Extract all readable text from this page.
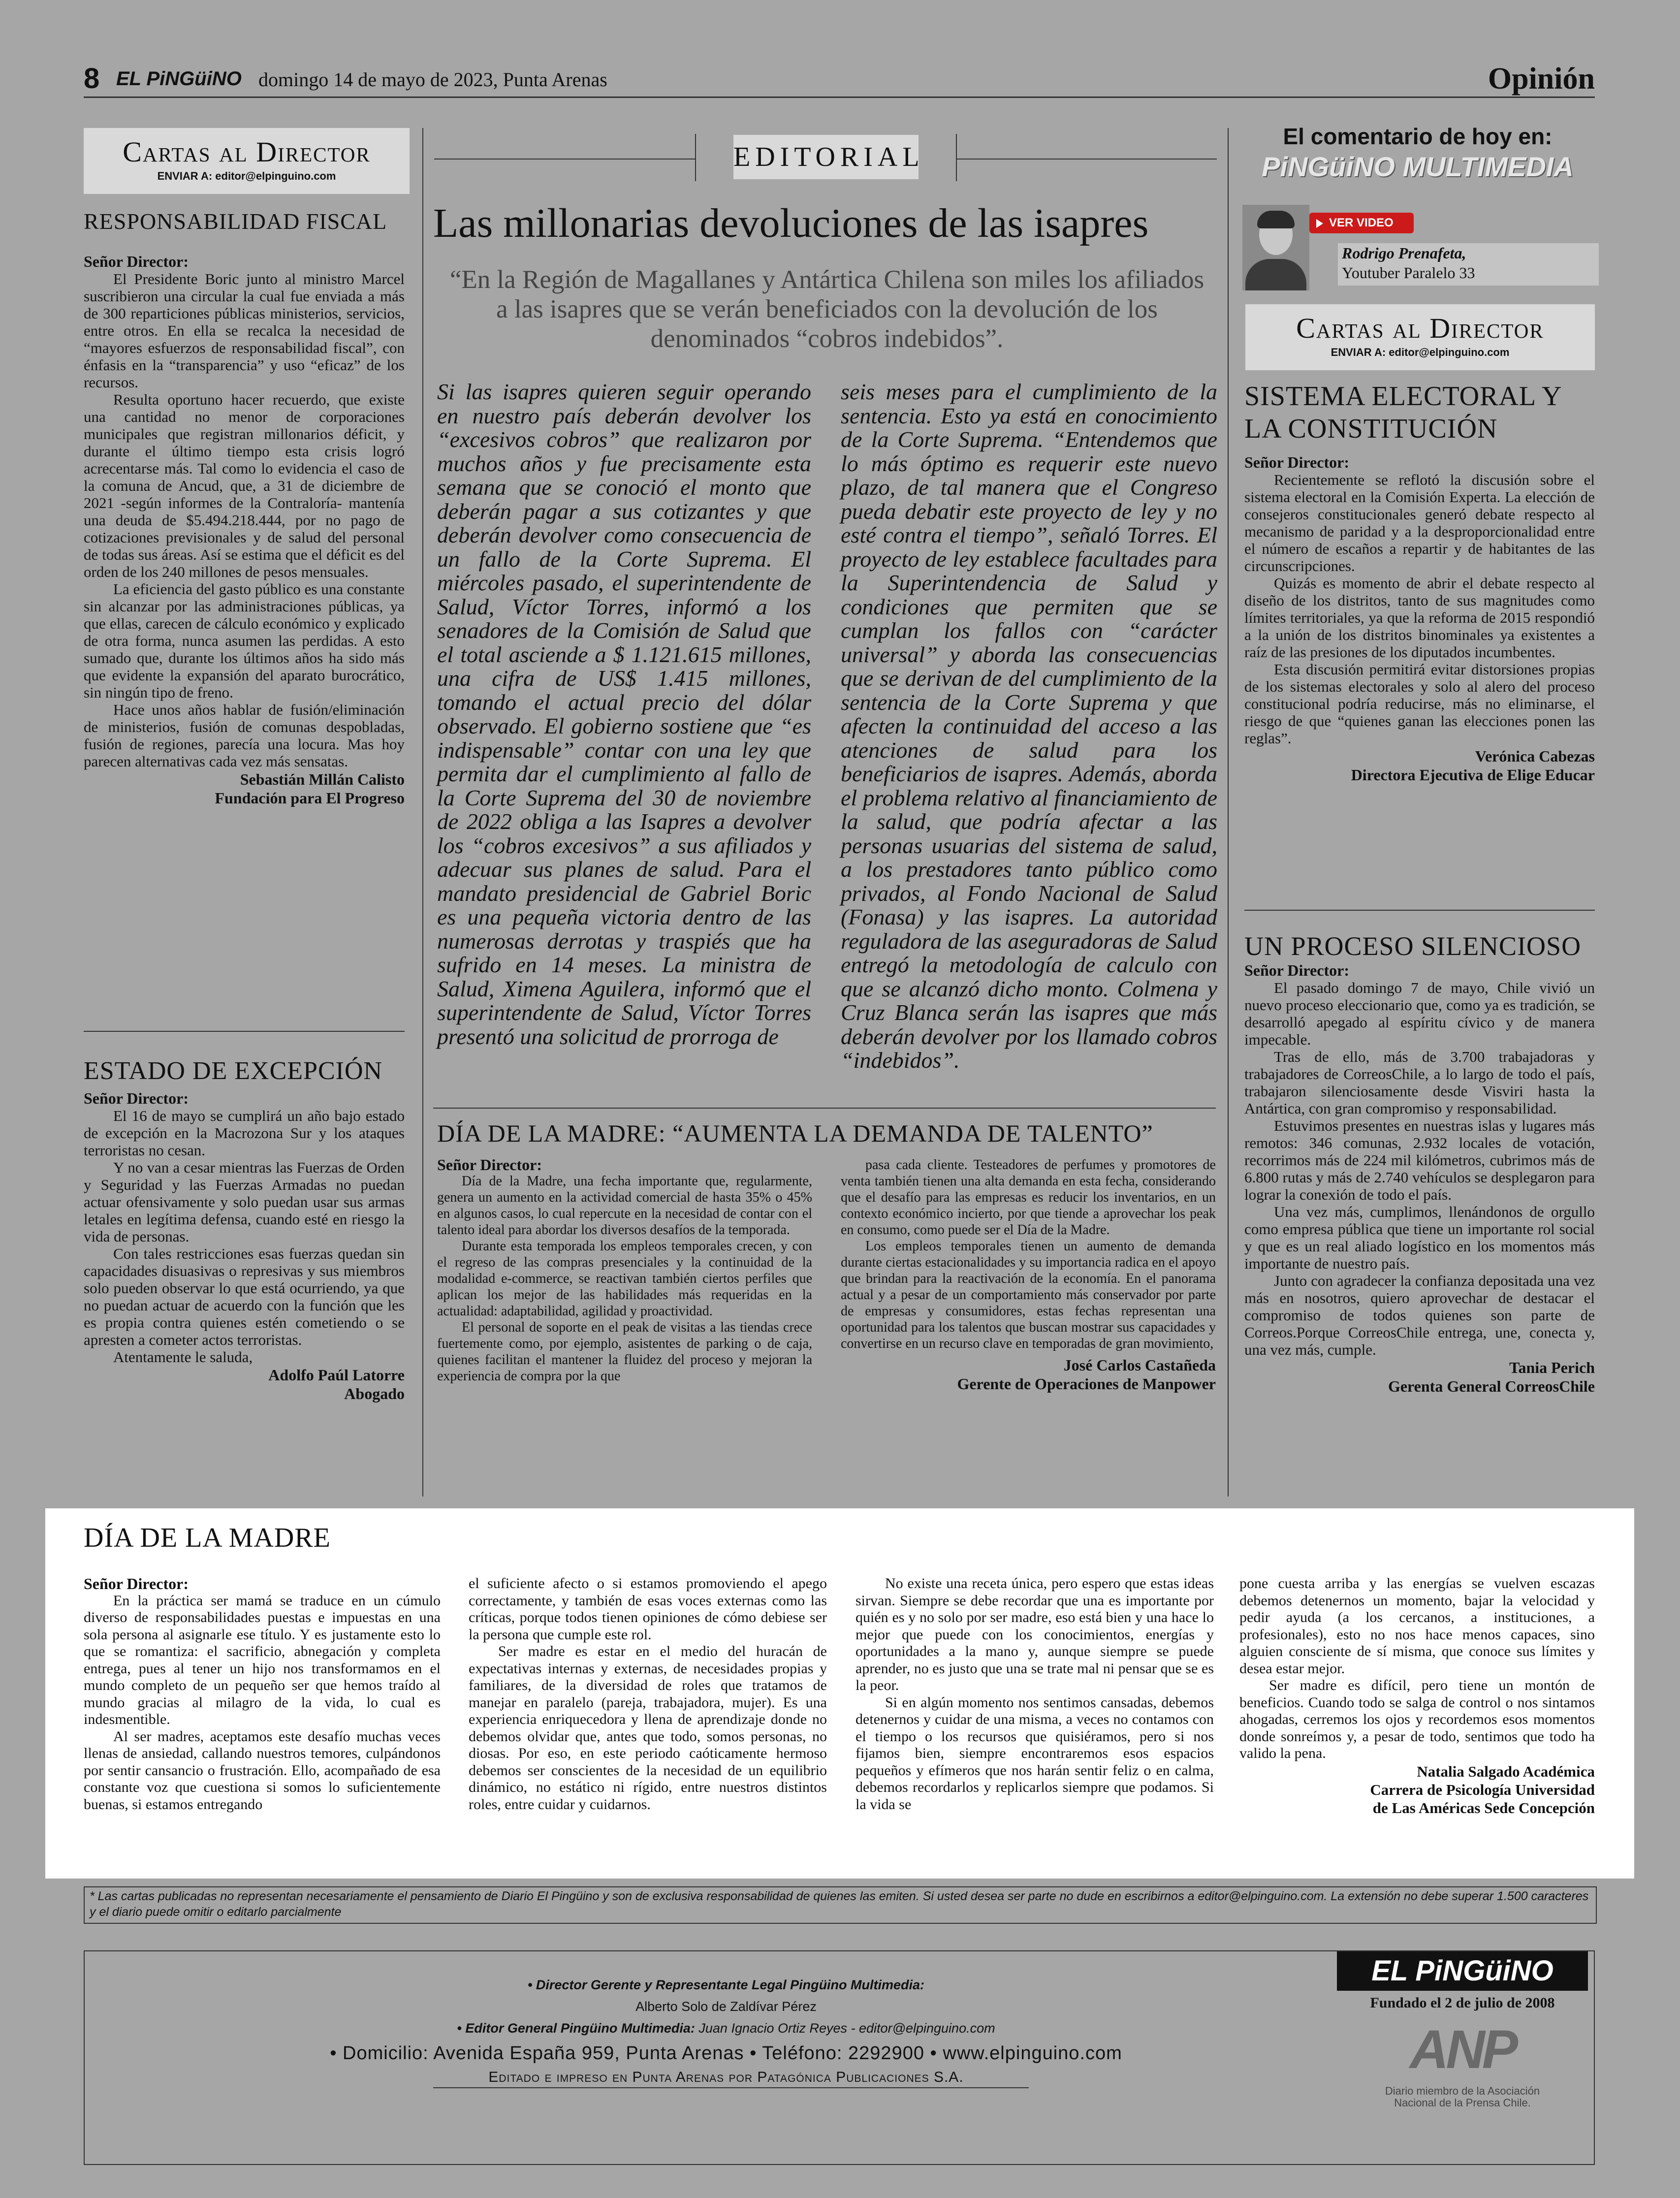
8 EL PiNGüiNO domingo 14 de mayo de 2023, Punta Arenas	Opinión
Cartas al Director
ENVIAR A: editor@elpinguino.com
RESPONSABILIDAD FISCAL

Señor Director:

El Presidente Boric junto al ministro Marcel suscribieron una circular la cual fue enviada a más de 300 reparticiones públicas ministerios, servicios, entre otros. En ella se recalca la necesidad de “mayores esfuerzos de responsabilidad fiscal”, con énfasis en la “transparencia” y uso “eficaz” de los recursos.

Resulta oportuno hacer recuerdo, que existe una cantidad no menor de corporaciones municipales que registran millonarios déficit, y durante el último tiempo esta crisis logró acrecentarse más. Tal como lo evidencia el caso de la comuna de Ancud, que, a 31 de diciembre de 2021 -según informes de la Contraloría- mantenía una deuda de $5.494.218.444, por no pago de cotizaciones previsionales y de salud del personal de todas sus áreas. Así se estima que el déficit es del orden de los 240 millones de pesos mensuales.

La eficiencia del gasto público es una constante sin alcanzar por las administraciones públicas, ya que ellas, carecen de cálculo económico y explicado de otra forma, nunca asumen las perdidas. A esto sumado que, durante los últimos años ha sido más que evidente la expansión del aparato burocrático, sin ningún tipo de freno.

Hace unos años hablar de fusión/eliminación de ministerios, fusión de comunas despobladas, fusión de regiones, parecía una locura. Mas hoy parecen alternativas cada vez más sensatas.

Sebastián Millán Calisto
Fundación para El Progreso
ESTADO DE EXCEPCIÓN

Señor Director:

El 16 de mayo se cumplirá un año bajo estado de excepción en la Macrozona Sur y los ataques terroristas no cesan.

Y no van a cesar mientras las Fuerzas de Orden y Seguridad y las Fuerzas Armadas no puedan actuar ofensivamente y solo puedan usar sus armas letales en legítima defensa, cuando esté en riesgo la vida de personas.

Con tales restricciones esas fuerzas quedan sin capacidades disuasivas o represivas y sus miembros solo pueden observar lo que está ocurriendo, ya que no puedan actuar de acuerdo con la función que les es propia contra quienes estén cometiendo o se apresten a cometer actos terroristas.

Atentamente le saluda,

Adolfo Paúl Latorre
Abogado
EDITORIAL
Las millonarias devoluciones de las isapres
“En la Región de Magallanes y Antártica Chilena son miles los afiliados a las isapres que se verán beneficiados con la devolución de los denominados “cobros indebidos”.
Si las isapres quieren seguir operando en nuestro país deberán devolver los “excesivos cobros” que realizaron por muchos años y fue precisamente esta semana que se conoció el monto que deberán pagar a sus cotizantes y que deberán devolver como consecuencia de un fallo de la Corte Suprema. El miércoles pasado, el superintendente de Salud, Víctor Torres, informó a los senadores de la Comisión de Salud que el total asciende a $ 1.121.615 millones, una cifra de US$ 1.415 millones, tomando el actual precio del dólar observado. El gobierno sostiene que “es indispensable” contar con una ley que permita dar el cumplimiento al fallo de la Corte Suprema del 30 de noviembre de 2022 obliga a las Isapres a devolver los “cobros excesivos” a sus afiliados y adecuar sus planes de salud. Para el mandato presidencial de Gabriel Boric es una pequeña victoria dentro de las numerosas derrotas y traspiés que ha sufrido en 14 meses. La ministra de Salud, Ximena Aguilera, informó que el superintendente de Salud, Víctor Torres presentó una solicitud de prorroga de
seis meses para el cumplimiento de la sentencia. Esto ya está en conocimiento de la Corte Suprema. “Entendemos que lo más óptimo es requerir este nuevo plazo, de tal manera que el Congreso pueda debatir este proyecto de ley y no esté contra el tiempo”, señaló Torres. El proyecto de ley establece facultades para la Superintendencia de Salud y condiciones que permiten que se cumplan los fallos con “carácter universal” y aborda las consecuencias que se derivan de del cumplimiento de la sentencia de la Corte Suprema y que afecten la continuidad del acceso a las atenciones de salud para los beneficiarios de isapres. Además, aborda el problema relativo al financiamiento de la salud, que podría afectar a las personas usuarias del sistema de salud, a los prestadores tanto público como privados, al Fondo Nacional de Salud (Fonasa) y las isapres. La autoridad reguladora de las aseguradoras de Salud entregó la metodología de calculo con que se alcanzó dicho monto. Colmena y Cruz Blanca serán las isapres que más deberán devolver por los llamado cobros “indebidos”.
DÍA DE LA MADRE: “AUMENTA LA DEMANDA DE TALENTO”

Señor Director:

Día de la Madre, una fecha importante que, regularmente, genera un aumento en la actividad comercial de hasta 35% o 45% en algunos casos, lo cual repercute en la necesidad de contar con el talento ideal para abordar los diversos desafíos de la temporada.

Durante esta temporada los empleos temporales crecen, y con el regreso de las compras presenciales y la continuidad de la modalidad e-commerce, se reactivan también ciertos perfiles que aplican los mejor de las habilidades más requeridas en la actualidad: adaptabilidad, agilidad y proactividad.

El personal de soporte en el peak de visitas a las tiendas crece fuertemente como, por ejemplo, asistentes de parking o de caja, quienes facilitan el mantener la fluidez del proceso y mejoran la experiencia de compra por la que

pasa cada cliente. Testeadores de perfumes y promotores de venta también tienen una alta demanda en esta fecha, considerando que el desafío para las empresas es reducir los inventarios, en un contexto económico incierto, por que tiende a aprovechar los peak en consumo, como puede ser el Día de la Madre.

Los empleos temporales tienen un aumento de demanda durante ciertas estacionalidades y su importancia radica en el apoyo que brindan para la reactivación de la economía. En el panorama actual y a pesar de un comportamiento más conservador por parte de empresas y consumidores, estas fechas representan una oportunidad para los talentos que buscan mostrar sus capacidades y convertirse en un recurso clave en temporadas de gran movimiento,

José Carlos Castañeda
Gerente de Operaciones de Manpower
El comentario de hoy en:
PiNGüiNO MULTIMEDIA
VER VIDEO
Rodrigo Prenafeta,
Youtuber Paralelo 33
Cartas al Director
ENVIAR A: editor@elpinguino.com
SISTEMA ELECTORAL Y LA CONSTITUCIÓN

Señor Director:

Recientemente se reflotó la discusión sobre el sistema electoral en la Comisión Experta. La elección de consejeros constitucionales generó debate respecto al mecanismo de paridad y a la desproporcionalidad entre el número de escaños a repartir y de habitantes de las circunscripciones.

Quizás es momento de abrir el debate respecto al diseño de los distritos, tanto de sus magnitudes como límites territoriales, ya que la reforma de 2015 respondió a la unión de los distritos binominales ya existentes a raíz de las presiones de los diputados incumbentes.

Esta discusión permitirá evitar distorsiones propias de los sistemas electorales y solo al alero del proceso constitucional podría reducirse, más no eliminarse, el riesgo de que “quienes ganan las elecciones ponen las reglas”.

Verónica Cabezas
Directora Ejecutiva de Elige Educar
UN PROCESO SILENCIOSO

Señor Director:

El pasado domingo 7 de mayo, Chile vivió un nuevo proceso eleccionario que, como ya es tradición, se desarrolló apegado al espíritu cívico y de manera impecable.

Tras de ello, más de 3.700 trabajadoras y trabajadores de CorreosChile, a lo largo de todo el país, trabajaron silenciosamente desde Visviri hasta la Antártica, con gran compromiso y responsabilidad.

Estuvimos presentes en nuestras islas y lugares más remotos: 346 comunas, 2.932 locales de votación, recorrimos más de 224 mil kilómetros, cubrimos más de 6.800 rutas y más de 2.740 vehículos se desplegaron para lograr la conexión de todo el país.

Una vez más, cumplimos, llenándonos de orgullo como empresa pública que tiene un importante rol social y que es un real aliado logístico en los momentos más importante de nuestro país.

Junto con agradecer la confianza depositada una vez más en nosotros, quiero aprovechar de destacar el compromiso de todos quienes son parte de Correos.Porque CorreosChile entrega, une, conecta y, una vez más, cumple.

Tania Perich
Gerenta General CorreosChile
DÍA DE LA MADRE

Señor Director:

En la práctica ser mamá se traduce en un cúmulo diverso de responsabilidades puestas e impuestas en una sola persona al asignarle ese título. Y es justamente esto lo que se romantiza: el sacrificio, abnegación y completa entrega, pues al tener un hijo nos transformamos en el mundo completo de un pequeño ser que hemos traído al mundo gracias al milagro de la vida, lo cual es indesmentible.

Al ser madres, aceptamos este desafío muchas veces llenas de ansiedad, callando nuestros temores, culpándonos por sentir cansancio o frustración. Ello, acompañado de esa constante voz que cuestiona si somos lo suficientemente buenas, si estamos entregando

el suficiente afecto o si estamos promoviendo el apego correctamente, y también de esas voces externas como las críticas, porque todos tienen opiniones de cómo debiese ser la persona que cumple este rol.

Ser madre es estar en el medio del huracán de expectativas internas y externas, de necesidades propias y familiares, de la diversidad de roles que tratamos de manejar en paralelo (pareja, trabajadora, mujer). Es una experiencia enriquecedora y llena de aprendizaje donde no debemos olvidar que, antes que todo, somos personas, no diosas. Por eso, en este periodo caóticamente hermoso debemos ser conscientes de la necesidad de un equilibrio dinámico, no estático ni rígido, entre nuestros distintos roles, entre cuidar y cuidarnos.

No existe una receta única, pero espero que estas ideas sirvan. Siempre se debe recordar que una es importante por quién es y no solo por ser madre, eso está bien y una hace lo mejor que puede con los conocimientos, energías y oportunidades a la mano y, aunque siempre se puede aprender, no es justo que una se trate mal ni pensar que se es la peor.

Si en algún momento nos sentimos cansadas, debemos detenernos y cuidar de una misma, a veces no contamos con el tiempo o los recursos que quisiéramos, pero si nos fijamos bien, siempre encontraremos esos espacios pequeños y efímeros que nos harán sentir feliz o en calma, debemos recordarlos y replicarlos siempre que podamos. Si la vida se

pone cuesta arriba y las energías se vuelven escazas debemos detenernos un momento, bajar la velocidad y pedir ayuda (a los cercanos, a instituciones, a profesionales), esto no nos hace menos capaces, sino alguien consciente de sí misma, que conoce sus límites y desea estar mejor.

Ser madre es difícil, pero tiene un montón de beneficios. Cuando todo se salga de control o nos sintamos ahogadas, cerremos los ojos y recordemos esos momentos donde sonreímos y, a pesar de todo, sentimos que todo ha valido la pena.

Natalia Salgado Académica
Carrera de Psicología Universidad
de Las Américas Sede Concepción
* Las cartas publicadas no representan necesariamente el pensamiento de Diario El Pingüino y son de exclusiva responsabilidad de quienes las emiten. Si usted desea ser parte no dude en escribirnos a editor@elpinguino.com. La extensión no debe superar 1.500 caracteres y el diario puede omitir o editarlo parcialmente
• Director Gerente y Representante Legal Pingüino Multimedia:
Alberto Solo de Zaldívar Pérez
• Editor General Pingüino Multimedia: Juan Ignacio Ortiz Reyes - editor@elpinguino.com
• Domicilio: Avenida España 959, Punta Arenas • Teléfono: 2292900 • www.elpinguino.com
Editado e impreso en Punta Arenas por Patagónica Publicaciones S.A.
EL PiNGüiNO
Fundado el 2 de julio de 2008
ANP
Diario miembro de la Asociación
Nacional de la Prensa Chile.
